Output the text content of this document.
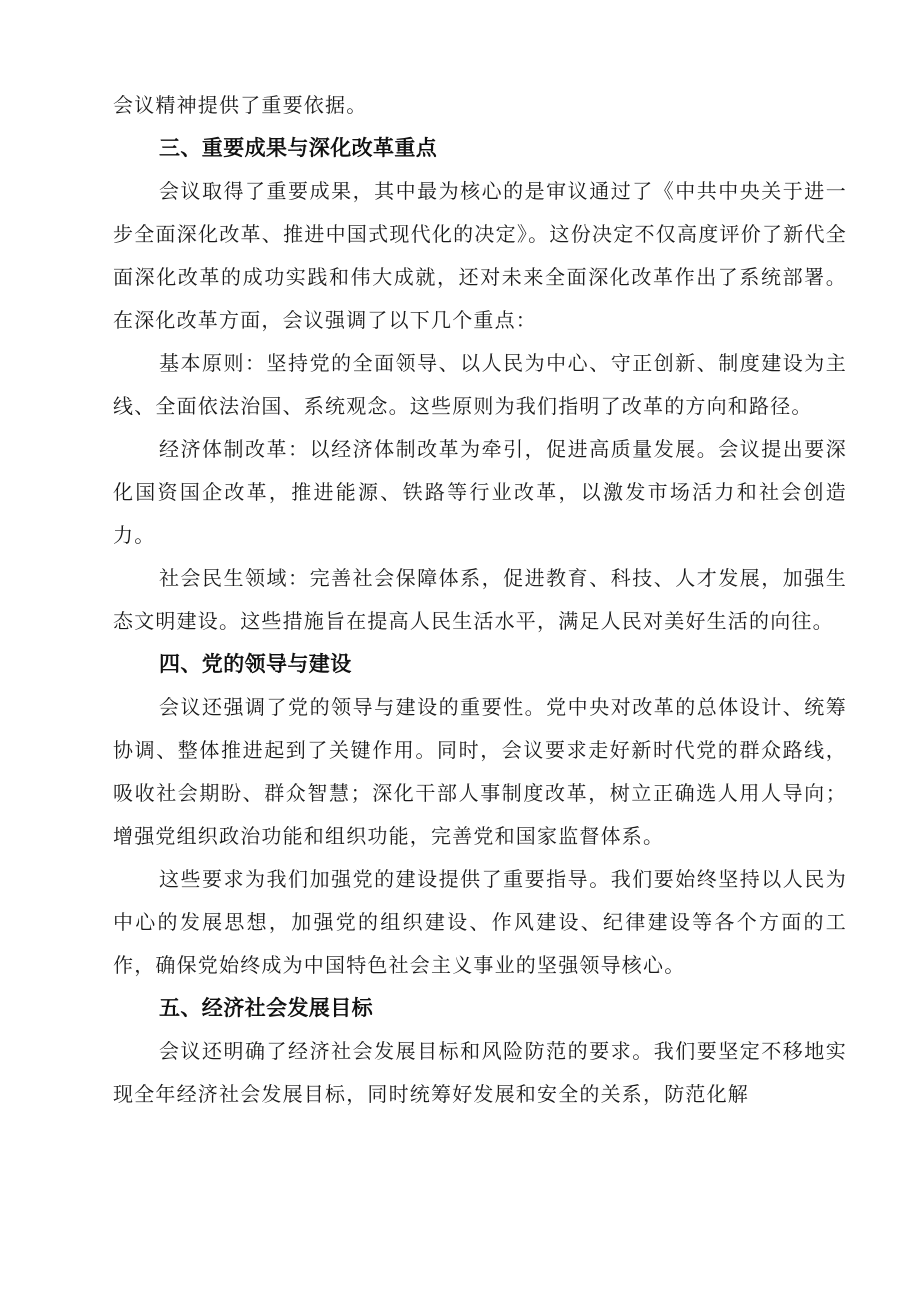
会议精神提供了重要依据。

三、重要成果与深化改革重点

会议取得了重要成果，其中最为核心的是审议通过了《中共中央关于进一步全面深化改革、推进中国式现代化的决定》。这份决定不仅高度评价了新代全面深化改革的成功实践和伟大成就，还对未来全面深化改革作出了系统部署。在深化改革方面，会议强调了以下几个重点：

基本原则：坚持党的全面领导、以人民为中心、守正创新、制度建设为主线、全面依法治国、系统观念。这些原则为我们指明了改革的方向和路径。

经济体制改革：以经济体制改革为牵引，促进高质量发展。会议提出要深化国资国企改革，推进能源、铁路等行业改革，以激发市场活力和社会创造力。

社会民生领域：完善社会保障体系，促进教育、科技、人才发展，加强生态文明建设。这些措施旨在提高人民生活水平，满足人民对美好生活的向往。

四、党的领导与建设

会议还强调了党的领导与建设的重要性。党中央对改革的总体设计、统筹协调、整体推进起到了关键作用。同时，会议要求走好新时代党的群众路线，吸收社会期盼、群众智慧；深化干部人事制度改革，树立正确选人用人导向；增强党组织政治功能和组织功能，完善党和国家监督体系。

这些要求为我们加强党的建设提供了重要指导。我们要始终坚持以人民为中心的发展思想，加强党的组织建设、作风建设、纪律建设等各个方面的工作，确保党始终成为中国特色社会主义事业的坚强领导核心。

五、经济社会发展目标

会议还明确了经济社会发展目标和风险防范的要求。我们要坚定不移地实现全年经济社会发展目标，同时统筹好发展和安全的关系，防范化解
